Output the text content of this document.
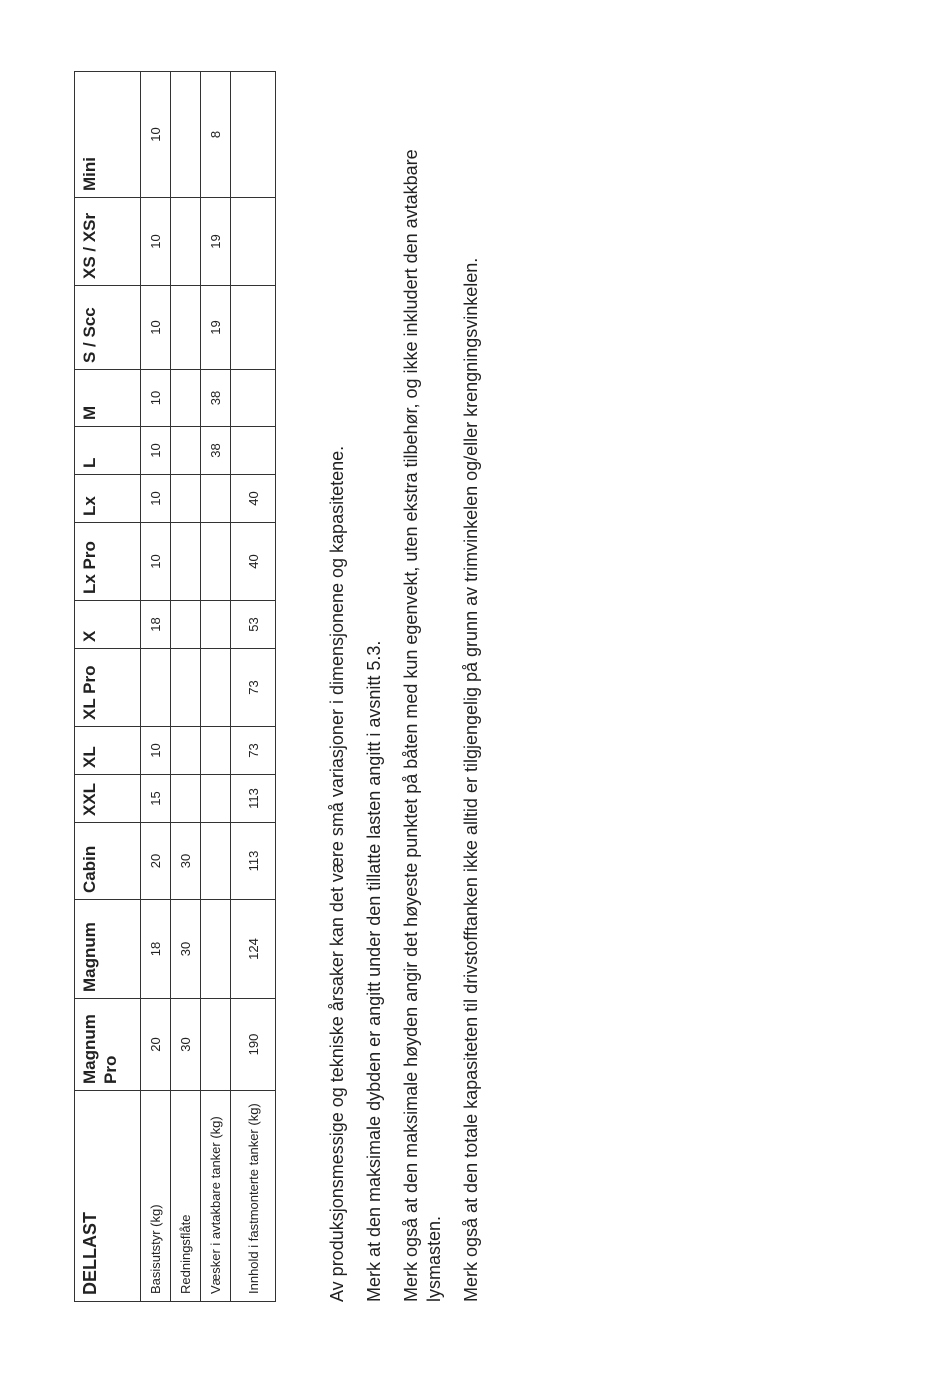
DELLAST	Magnum Pro	Magnum	Cabin	XXL	XL	XL Pro	X	Lx Pro	Lx	L	M	S / Scc	XS / XSr	Mini
Basisutstyr (kg)	20	18	20	15	10		18	10	10	10	10	10	10	10
Redningsflåte	30	30	30											
Væsker i avtakbare tanker (kg)										38	38	19	19	8
Innhold i fastmonterte tanker (kg)	190	124	113	113	73	73	53	40	40						Av produksjonsmessige og tekniske årsaker kan det være små variasjoner i dimensjonene og kapasitetene. Merk at den maksimale dybden er angitt under den tillatte lasten angitt i avsnitt 5.3. Merk også at den maksimale høyden angir det høyeste punktet på båten med kun egenvekt, uten ekstra tilbehør, og ikke inkludert den avtakbare lysmasten. Merk også at den totale kapasiteten til drivstofftanken ikke alltid er tilgjengelig på grunn av trimvinkelen og/eller krengningsvinkelen.
